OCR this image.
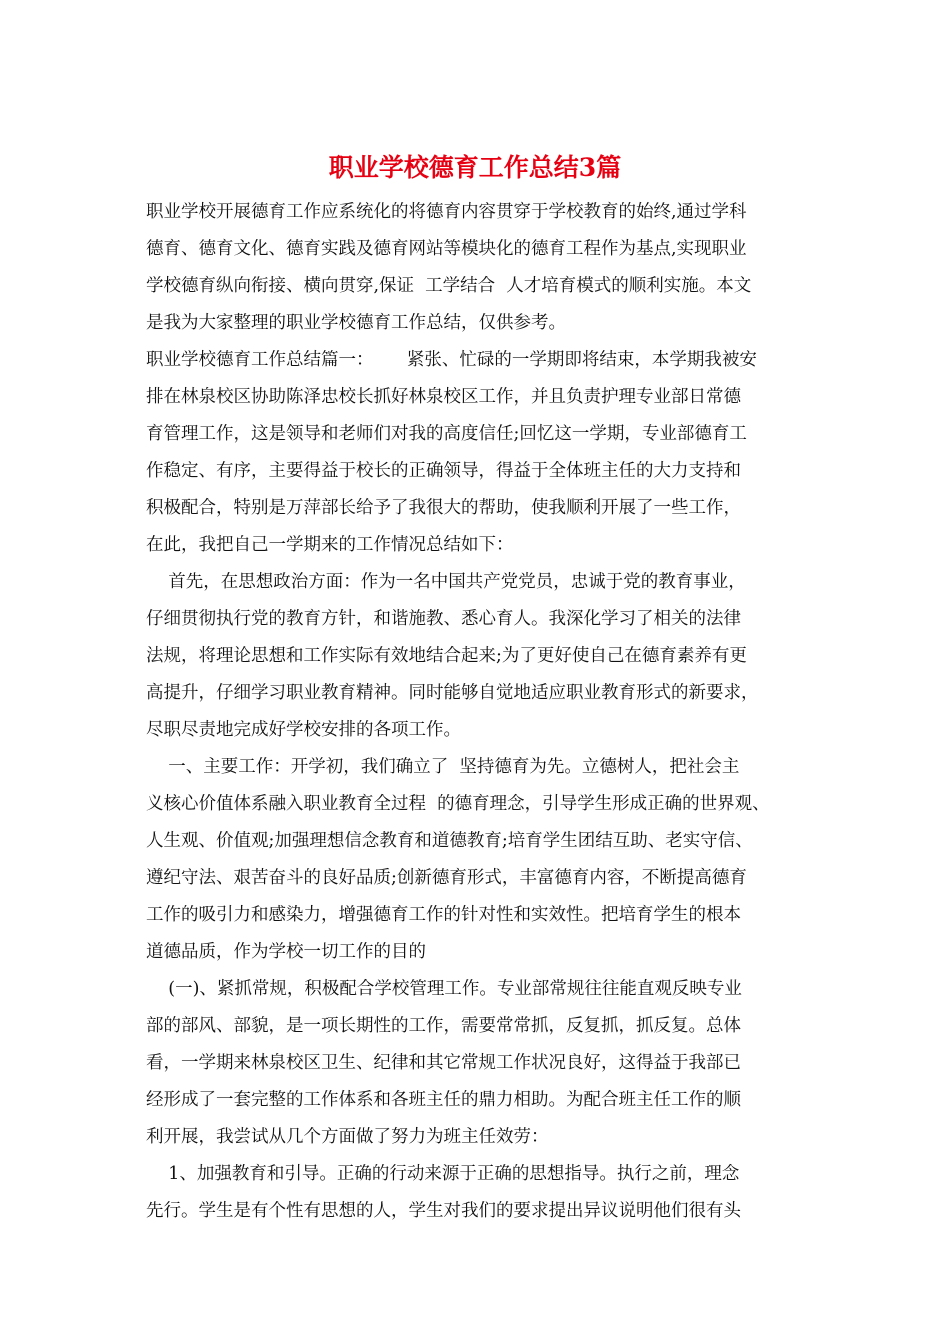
职业学校德育工作总结3篇

职业学校开展德育工作应系统化的将德育内容贯穿于学校教育的始终,通过学科

德育、德育文化、德育实践及德育网站等模块化的德育工程作为基点,实现职业

学校德育纵向衔接、横向贯穿,保证  工学结合  人才培育模式的顺利实施。本文

是我为大家整理的职业学校德育工作总结，仅供参考。

职业学校德育工作总结篇一：      紧张、忙碌的一学期即将结束，本学期我被安

排在林泉校区协助陈泽忠校长抓好林泉校区工作，并且负责护理专业部日常德

育管理工作，这是领导和老师们对我的高度信任;回忆这一学期，专业部德育工

作稳定、有序，主要得益于校长的正确领导，得益于全体班主任的大力支持和

积极配合，特别是万萍部长给予了我很大的帮助，使我顺利开展了一些工作，

在此，我把自己一学期来的工作情况总结如下：

首先，在思想政治方面：作为一名中国共产党党员，忠诚于党的教育事业，

仔细贯彻执行党的教育方针，和谐施教、悉心育人。我深化学习了相关的法律

法规，将理论思想和工作实际有效地结合起来;为了更好使自己在德育素养有更

高提升，仔细学习职业教育精神。同时能够自觉地适应职业教育形式的新要求，

尽职尽责地完成好学校安排的各项工作。

一、主要工作：开学初，我们确立了  坚持德育为先。立德树人，把社会主

义核心价值体系融入职业教育全过程  的德育理念，引导学生形成正确的世界观、

人生观、价值观;加强理想信念教育和道德教育;培育学生团结互助、老实守信、

遵纪守法、艰苦奋斗的良好品质;创新德育形式，丰富德育内容，不断提高德育

工作的吸引力和感染力，增强德育工作的针对性和实效性。把培育学生的根本

道德品质，作为学校一切工作的目的

(一)、紧抓常规，积极配合学校管理工作。专业部常规往往能直观反映专业

部的部风、部貌，是一项长期性的工作，需要常常抓，反复抓，抓反复。总体

看，一学期来林泉校区卫生、纪律和其它常规工作状况良好，这得益于我部已

经形成了一套完整的工作体系和各班主任的鼎力相助。为配合班主任工作的顺

利开展，我尝试从几个方面做了努力为班主任效劳：

1、加强教育和引导。正确的行动来源于正确的思想指导。执行之前，理念

先行。学生是有个性有思想的人，学生对我们的要求提出异议说明他们很有头
